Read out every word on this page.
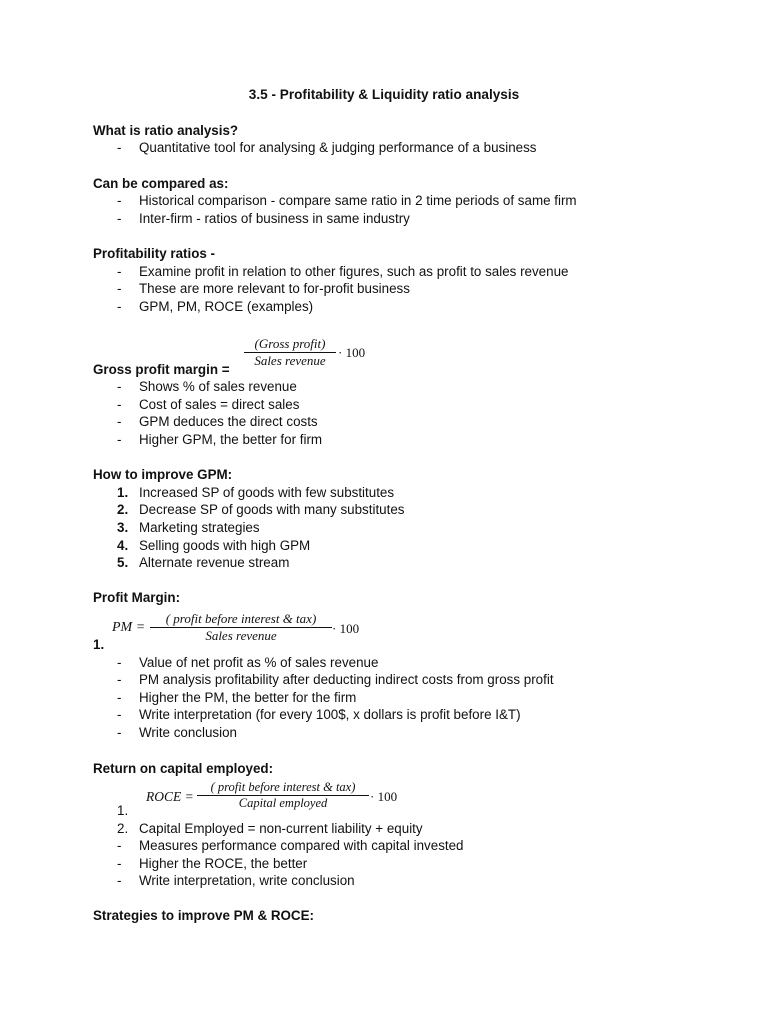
3.5 - Profitability & Liquidity ratio analysis
What is ratio analysis?
-	Quantitative tool for analysing & judging performance of a business
Can be compared as:
-	Historical comparison - compare same ratio in 2 time periods of same firm
-	Inter-firm - ratios of business in same industry
Profitability ratios -
-	Examine profit in relation to other figures, such as profit to sales revenue
-	These are more relevant to for-profit business
-	GPM, PM, ROCE (examples)
(Gross profit)
Sales revenue
· 100
Gross profit margin =
-	Shows % of sales revenue
-	Cost of sales = direct sales
-	GPM deduces the direct costs
-	Higher GPM, the better for firm
How to improve GPM:
1. Increased SP of goods with few substitutes
2. Decrease SP of goods with many substitutes
3. Marketing strategies
4. Selling goods with high GPM
5. Alternate revenue stream
Profit Margin:
PM =
( profit before interest & tax)
Sales revenue	· 100
1.
-	Value of net profit as % of sales revenue
-	PM analysis profitability after deducting indirect costs from gross profit
-	Higher the PM, the better for the firm
-	Write interpretation (for every 100$, x dollars is profit before I&T)
-	Write conclusion
Return on capital employed:
ROCE =
( profit before interest & tax)
Capital employed	· 100
1.
2. Capital Employed = non-current liability + equity
-	Measures performance compared with capital invested
-	Higher the ROCE, the better
-	Write interpretation, write conclusion
Strategies to improve PM & ROCE:
